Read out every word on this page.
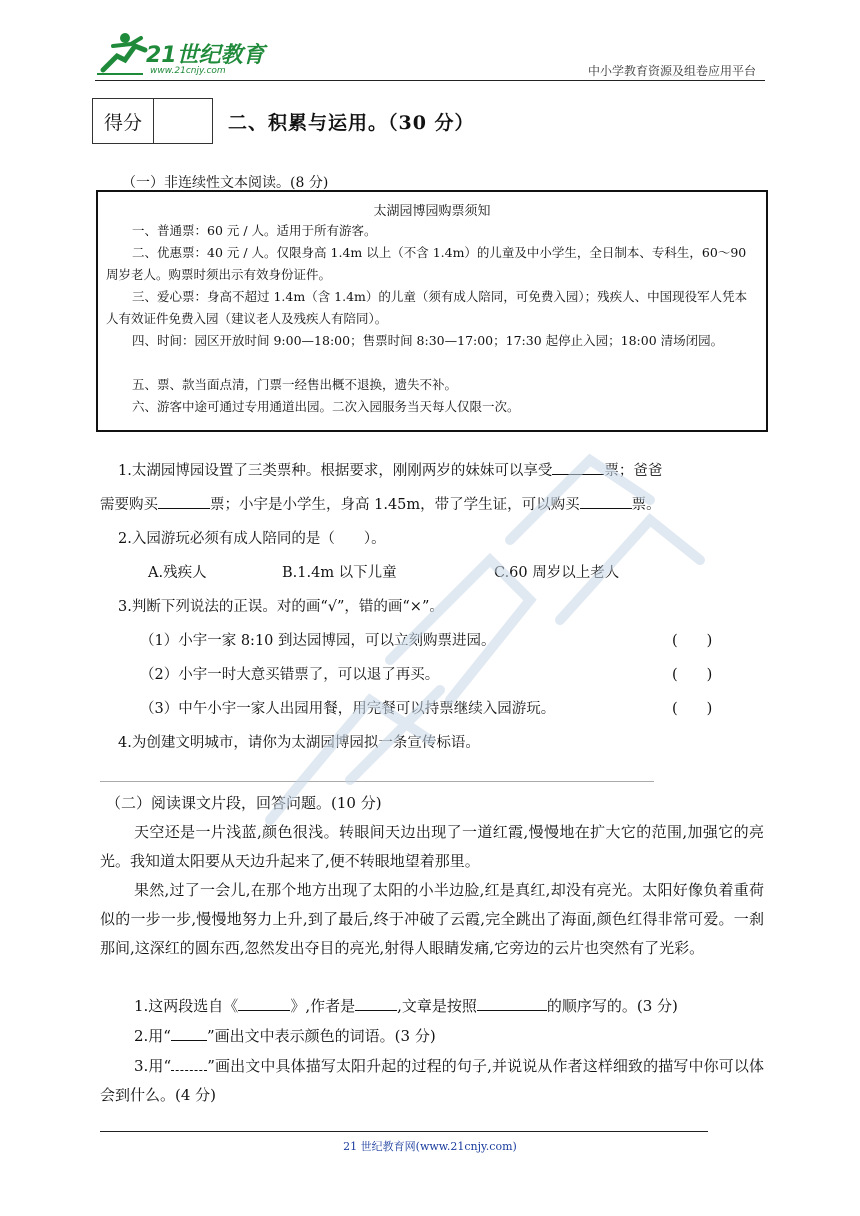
21世纪教育
www.21cnjy.com	中小学教育资源及组卷应用平台
得分	二、积累与运用。（30 分）
（一）非连续性文本阅读。(8 分)
太湖园博园购票须知
一、普通票：60 元 / 人。适用于所有游客。
二、优惠票：40 元 / 人。仅限身高 1.4m 以上（不含 1.4m）的儿童及中小学生，全日制本、专科生，60～90 周岁老人。购票时须出示有效身份证件。
三、爱心票：身高不超过 1.4m（含 1.4m）的儿童（须有成人陪同，可免费入园）；残疾人、中国现役军人凭本人有效证件免费入园（建议老人及残疾人有陪同）。
四、时间：园区开放时间 9:00—18:00；售票时间 8:30—17:00；17:30 起停止入园；18:00 清场闭园。
五、票、款当面点清，门票一经售出概不退换，遗失不补。
六、游客中途可通过专用通道出园。二次入园服务当天每人仅限一次。
1.太湖园博园设置了三类票种。根据要求，刚刚两岁的妹妹可以享受	票；爸爸
需要购买	票；小宇是小学生，身高 1.45m，带了学生证，可以购买	票。
2.入园游玩必须有成人陪同的是（　　）。
A.残疾人	B.1.4m 以下儿童	C.60 周岁以上老人
3.判断下列说法的正误。对的画“√”，错的画“×”。
（1）小宇一家 8:10 到达园博园，可以立刻购票进园。	(　　)
（2）小宇一时大意买错票了，可以退了再买。	(　　)
（3）中午小宇一家人出园用餐，用完餐可以持票继续入园游玩。	(　　)
4.为创建文明城市，请你为太湖园博园拟一条宣传标语。
（二）阅读课文片段，回答问题。(10 分)
天空还是一片浅蓝,颜色很浅。转眼间天边出现了一道红霞,慢慢地在扩大它的范围,加强它的亮光。我知道太阳要从天边升起来了,便不转眼地望着那里。
果然,过了一会儿,在那个地方出现了太阳的小半边脸,红是真红,却没有亮光。太阳好像负着重荷似的一步一步,慢慢地努力上升,到了最后,终于冲破了云霞,完全跳出了海面,颜色红得非常可爱。一刹那间,这深红的圆东西,忽然发出夺目的亮光,射得人眼睛发痛,它旁边的云片也突然有了光彩。
1.这两段选自《	》,作者是	,文章是按照	的顺序写的。(3 分)
2.用“ ”画出文中表示颜色的词语。(3 分)
3.用“ ”画出文中具体描写太阳升起的过程的句子,并说说从作者这样细致的描写中你可以体会到什么。(4 分)
21 世纪教育网(www.21cnjy.com)
